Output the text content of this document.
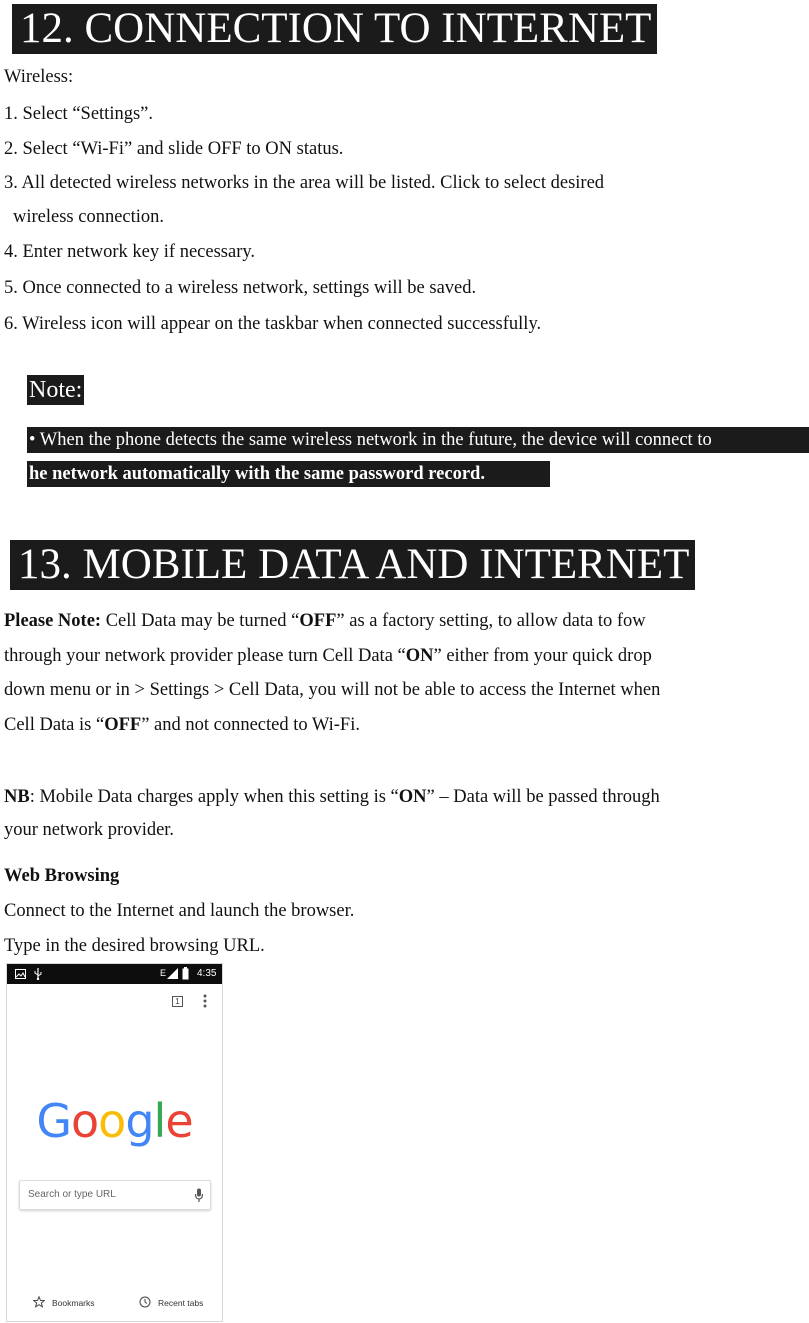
12. CONNECTION TO INTERNET
Wireless:
1. Select “Settings”.
2. Select “Wi-Fi” and slide OFF to ON status.
3. All detected wireless networks in the area will be listed. Click to select desired
wireless connection.
4. Enter network key if necessary.
5. Once connected to a wireless network, settings will be saved.
6. Wireless icon will appear on the taskbar when connected successfully.
Note:
• When the phone detects the same wireless network in the future, the device will connect to
he network automatically with the same password record.
13. MOBILE DATA AND INTERNET
Please Note: Cell Data may be turned “OFF” as a factory setting, to allow data to fow
through your network provider please turn Cell Data “ON” either from your quick drop
down menu or in > Settings > Cell Data, you will not be able to access the Internet when
Cell Data is “OFF” and not connected to Wi-Fi.
NB: Mobile Data charges apply when this setting is “ON” – Data will be passed through
your network provider.
Web Browsing
Connect to the Internet and launch the browser.
Type in the desired browsing URL.
E	4:35
1
Google
Search or type URL
Bookmarks	Recent tabs
